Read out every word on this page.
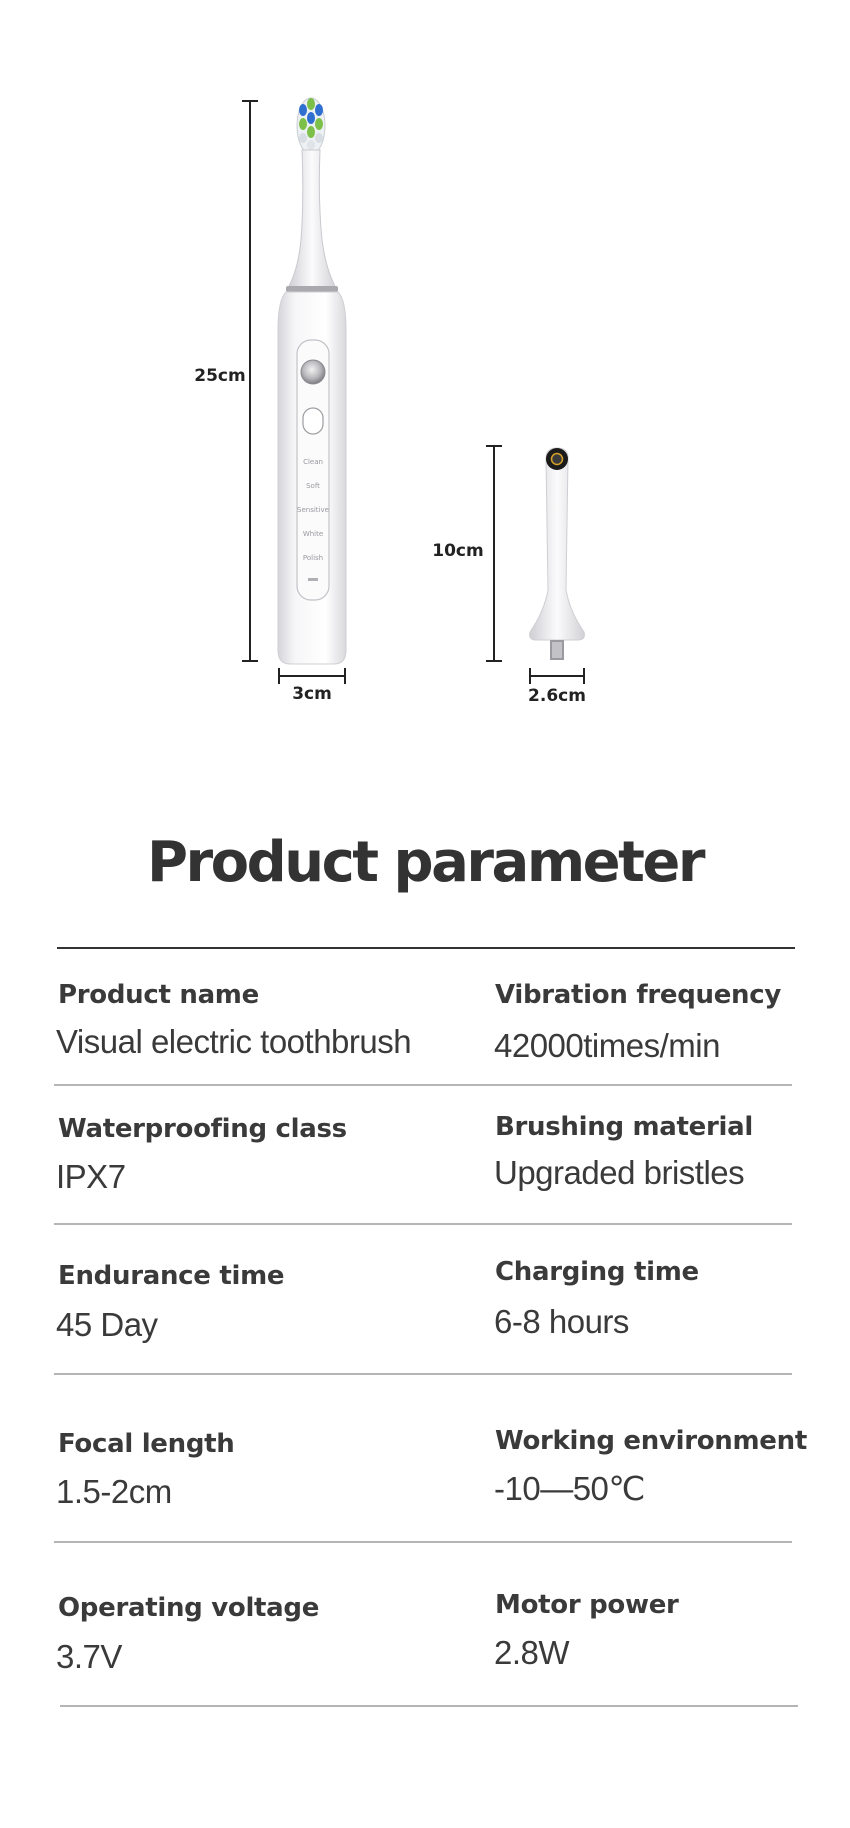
25cm
Clean
Soft
Sensitive
White
Polish
3cm
10cm
2.6cm
Product parameter
Product name
Visual electric toothbrush
Vibration frequency
42000times/min
Waterproofing class
IPX7
Brushing material
Upgraded bristles
Endurance time
45 Day
Charging time
6-8 hours
Focal length
1.5-2cm
Working environment
-10—50℃
Operating voltage
3.7V
Motor power
2.8W
